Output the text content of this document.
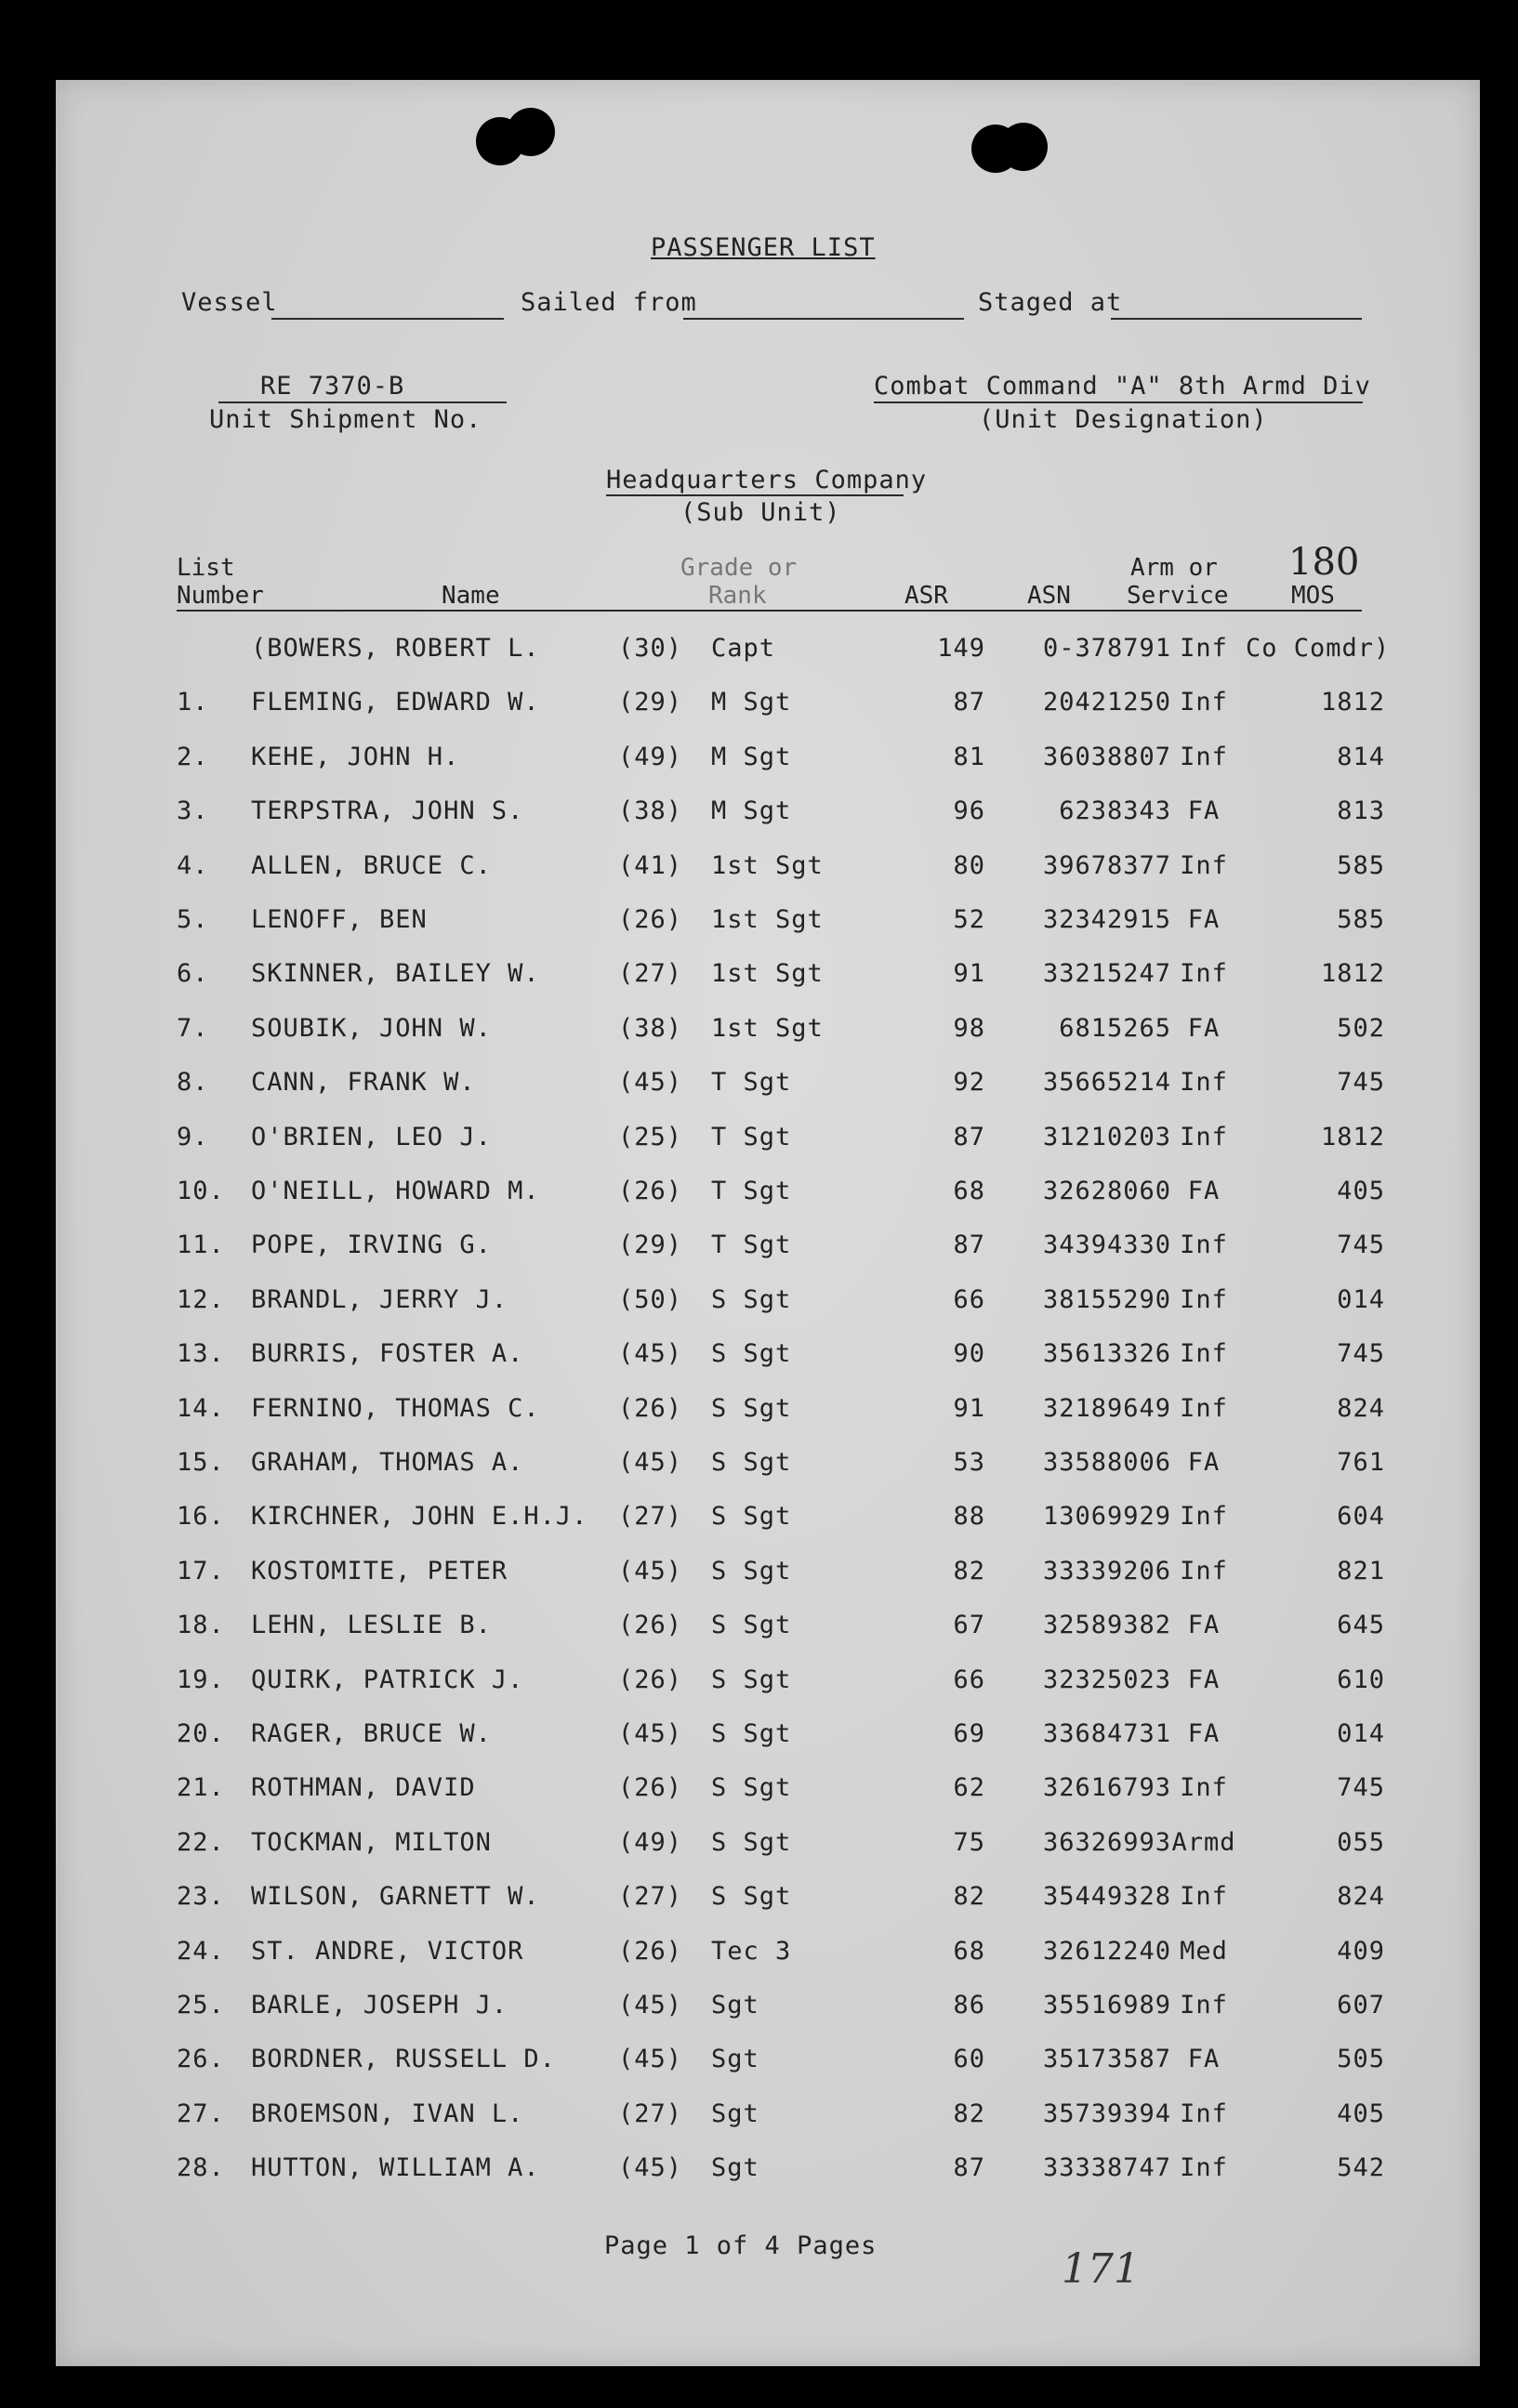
PASSENGER LIST
Vessel	Sailed from	Staged at
RE 7370-B
Unit Shipment No.
Combat Command "A" 8th Armd Div
(Unit Designation)
Headquarters Company
(Sub Unit)
180
List
Number	Name
Grade or
Rank	ASR	ASN
Arm or
Service	MOS
(BOWERS, ROBERT L.	(30) Capt	149	0-378791 Inf Co Comdr)
1. FLEMING, EDWARD W.	(29) M Sgt	87	20421250 Inf	1812
2. KEHE, JOHN H.	(49) M Sgt	81	36038807 Inf	814
3. TERPSTRA, JOHN S.	(38) M Sgt	96	6238343 FA	813
4. ALLEN, BRUCE C.	(41) 1st Sgt	80	39678377 Inf	585
5. LENOFF, BEN	(26) 1st Sgt	52	32342915 FA	585
6. SKINNER, BAILEY W.	(27) 1st Sgt	91	33215247 Inf	1812
7. SOUBIK, JOHN W.	(38) 1st Sgt	98	6815265 FA	502
8. CANN, FRANK W.	(45) T Sgt	92	35665214 Inf	745
9. O'BRIEN, LEO J.	(25) T Sgt	87	31210203 Inf	1812
10. O'NEILL, HOWARD M.	(26) T Sgt	68	32628060 FA	405
11. POPE, IRVING G.	(29) T Sgt	87	34394330 Inf	745
12. BRANDL, JERRY J.	(50) S Sgt	66	38155290 Inf	014
13. BURRIS, FOSTER A.	(45) S Sgt	90	35613326 Inf	745
14. FERNINO, THOMAS C.	(26) S Sgt	91	32189649 Inf	824
15. GRAHAM, THOMAS A.	(45) S Sgt	53	33588006 FA	761
16. KIRCHNER, JOHN E.H.J. (27) S Sgt	88	13069929 Inf	604
17. KOSTOMITE, PETER	(45) S Sgt	82	33339206 Inf	821
18. LEHN, LESLIE B.	(26) S Sgt	67	32589382 FA	645
19. QUIRK, PATRICK J.	(26) S Sgt	66	32325023 FA	610
20. RAGER, BRUCE W.	(45) S Sgt	69	33684731 FA	014
21. ROTHMAN, DAVID	(26) S Sgt	62	32616793 Inf	745
22. TOCKMAN, MILTON	(49) S Sgt	75	36326993 Armd	055
23. WILSON, GARNETT W.	(27) S Sgt	82	35449328 Inf	824
24. ST. ANDRE, VICTOR	(26) Tec 3	68	32612240 Med	409
25. BARLE, JOSEPH J.	(45) Sgt	86	35516989 Inf	607
26. BORDNER, RUSSELL D. (45) Sgt	60	35173587 FA	505
27. BROEMSON, IVAN L.	(27) Sgt	82	35739394 Inf	405
28. HUTTON, WILLIAM A.	(45) Sgt	87	33338747 Inf	542
Page 1 of 4 Pages	171
